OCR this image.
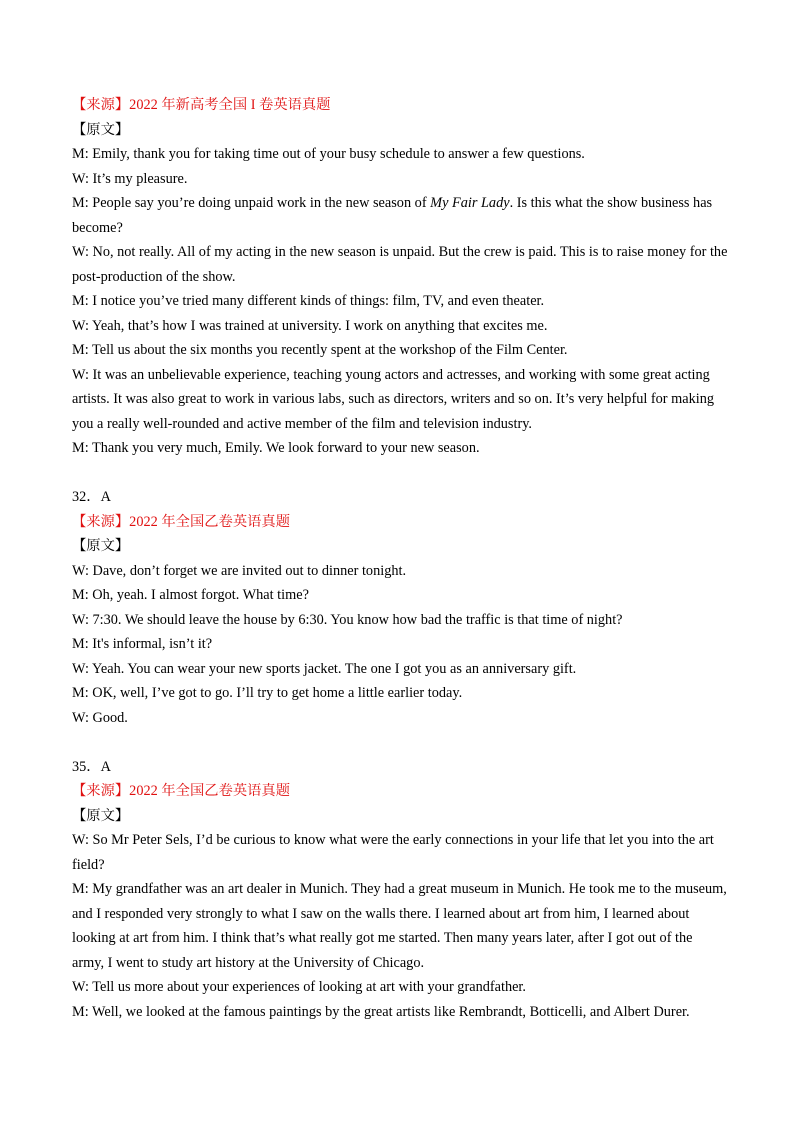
【来源】2022 年新高考全国 I 卷英语真题
【原文】
M: Emily, thank you for taking time out of your busy schedule to answer a few questions.
W: It’s my pleasure.
M: People say you’re doing unpaid work in the new season of My Fair Lady. Is this what the show business has become?
W: No, not really. All of my acting in the new season is unpaid. But the crew is paid. This is to raise money for the post-production of the show.
M: I notice you’ve tried many different kinds of things: film, TV, and even theater.
W: Yeah, that’s how I was trained at university. I work on anything that excites me.
M: Tell us about the six months you recently spent at the workshop of the Film Center.
W: It was an unbelievable experience, teaching young actors and actresses, and working with some great acting artists. It was also great to work in various labs, such as directors, writers and so on. It’s very helpful for making you a really well-rounded and active member of the film and television industry.
M: Thank you very much, Emily. We look forward to your new season.
32．A
【来源】2022 年全国乙卷英语真题
【原文】
W: Dave, don’t forget we are invited out to dinner tonight.
M: Oh, yeah. I almost forgot. What time?
W: 7:30. We should leave the house by 6:30. You know how bad the traffic is that time of night?
M: It's informal, isn’t it?
W: Yeah. You can wear your new sports jacket. The one I got you as an anniversary gift.
M: OK, well, I’ve got to go. I’ll try to get home a little earlier today.
W: Good.
35．A
【来源】2022 年全国乙卷英语真题
【原文】
W: So Mr Peter Sels, I’d be curious to know what were the early connections in your life that let you into the art field?
M: My grandfather was an art dealer in Munich. They had a great museum in Munich. He took me to the museum, and I responded very strongly to what I saw on the walls there. I learned about art from him, I learned about looking at art from him. I think that’s what really got me started. Then many years later, after I got out of the army, I went to study art history at the University of Chicago.
W: Tell us more about your experiences of looking at art with your grandfather.
M: Well, we looked at the famous paintings by the great artists like Rembrandt, Botticelli, and Albert Durer.
